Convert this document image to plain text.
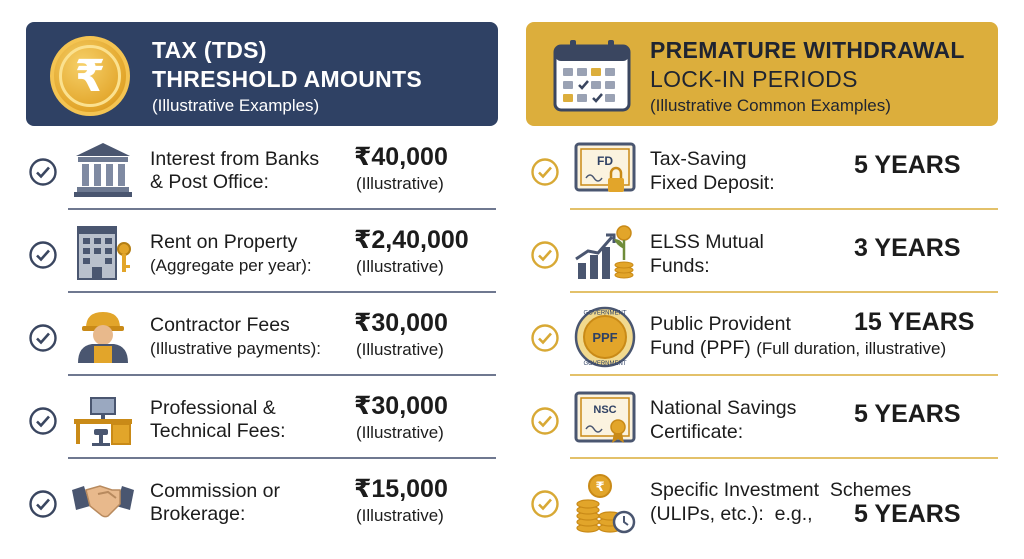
₹
TAX (TDS)
THRESHOLD AMOUNTS
(Illustrative Examples)
PREMATURE WITHDRAWAL
LOCK-IN PERIODS
(Illustrative Common Examples)
Interest from Banks
& Post Office:
₹40,000
(Illustrative)
Rent on Property
(Aggregate per year):
₹2,40,000
(Illustrative)
Contractor Fees
(Illustrative payments):
₹30,000
(Illustrative)
Professional &
Technical Fees:
₹30,000
(Illustrative)
Commission or
Brokerage:
₹15,000
(Illustrative)
FD Tax-Saving
Fixed Deposit:
5 YEARS
ELSS Mutual
Funds:
3 YEARS
PPF
GOVERNMENT
GOVERNMENT
Public Provident
Fund (PPF) (Full duration, illustrative)
15 YEARS
NSC National Savings
Certificate:
5 YEARS
₹ Specific Investment Schemes
(ULIPs, etc.): e.g., 5 YEARS
